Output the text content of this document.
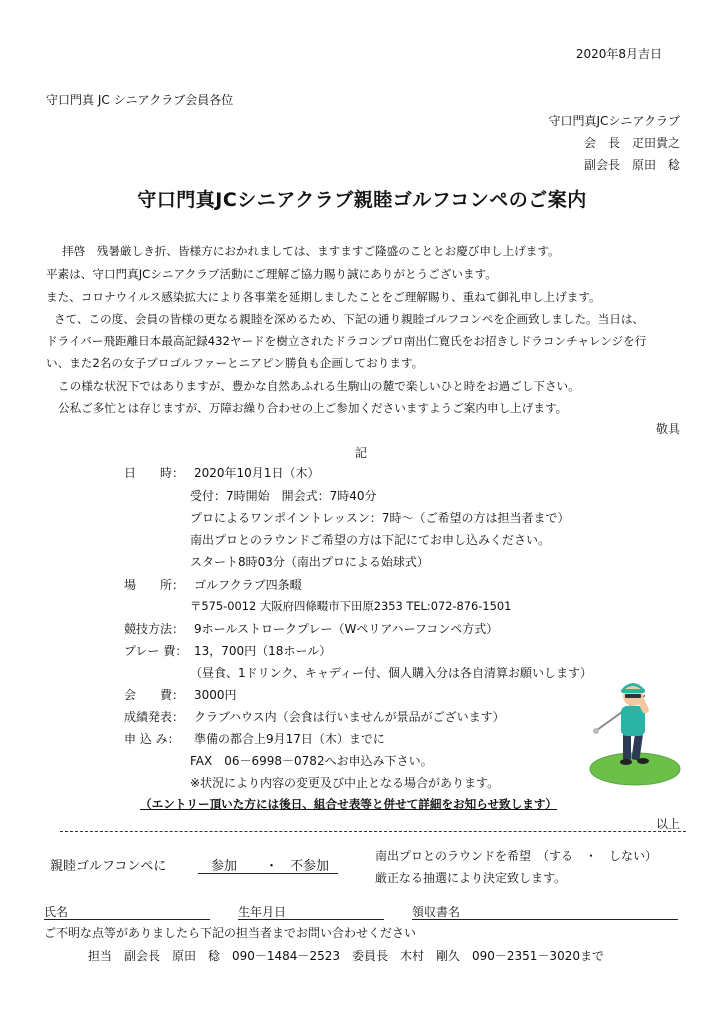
2020年8月吉日
守口門真 JC シニアクラブ会員各位
守口門真JCシニアクラブ
会　長　疋田貴之
副会長　原田　稔
守口門真JCシニアクラブ親睦ゴルフコンペのご案内
拝啓　残暑厳しき折、皆様方におかれましては、ますますご隆盛のこととお慶び申し上げます。
平素は、守口門真JCシニアクラブ活動にご理解ご協力賜り誠にありがとうございます。
また、コロナウイルス感染拡大により各事業を延期しましたことをご理解賜り、重ねて御礼申し上げます。
さて、この度、会員の皆様の更なる親睦を深めるため、下記の通り親睦ゴルフコンペを企画致しました。当日は、
ドライバー飛距離日本最高記録432ヤードを樹立されたドラコンプロ南出仁寛氏をお招きしドラコンチャレンジを行
い、また2名の女子プロゴルファーとニアピン勝負も企画しております。
この様な状況下ではありますが、豊かな自然あふれる生駒山の麓で楽しいひと時をお過ごし下さい。
公私ご多忙とは存じますが、万障お繰り合わせの上ご参加くださいますようご案内申し上げます。
敬具
記
日　　時： 2020年10月1日（木）
受付：7時開始　開会式：7時40分
プロによるワンポイントレッスン：7時～（ご希望の方は担当者まで）
南出プロとのラウンドご希望の方は下記にてお申し込みください。
スタート8時03分（南出プロによる始球式）
場　　所： ゴルフクラブ四条畷
〒575-0012 大阪府四條畷市下田原2353 TEL:072-876-1501
競技方法： 9ホールストロークプレー（Wペリアハーフコンペ方式）
プレー 費： 13，700円（18ホール）
（昼食、1ドリンク、キャディー付、個人購入分は各自清算お願いします）
会　　費： 3000円
成績発表： クラブハウス内（会食は行いませんが景品がございます）
申 込 み： 準備の都合上9月17日（木）までに
FAX　06－6998－0782へお申込み下さい。
※状況により内容の変更及び中止となる場合があります。
（エントリー頂いた方には後日、組合せ表等と併せて詳細をお知らせ致します）
以上
親睦ゴルフコンペに	参加 ・ 不参加
南出プロとのラウンドを希望　（する　・　しない）
厳正なる抽選により決定致します。
氏名	生年月日	領収書名
ご不明な点等がありましたら下記の担当者までお問い合わせください
担当　副会長　原田　稔　090－1484－2523　委員長　木村　剛久　090－2351－3020まで
